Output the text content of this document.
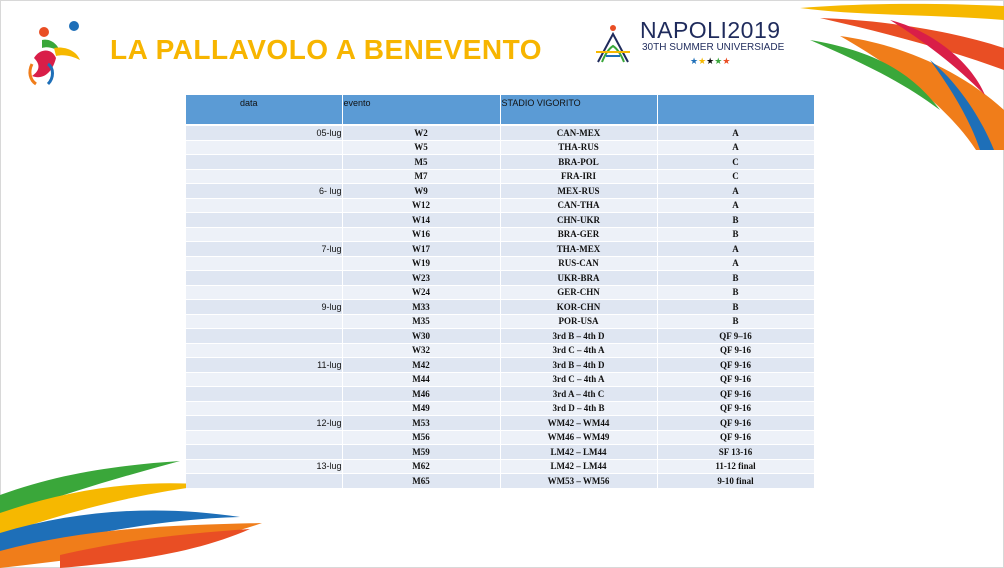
LA PALLAVOLO A BENEVENTO
NAPOLI2019
30TH SUMMER UNIVERSIADE
★★★★★
data	evento	STADIO VIGORITO	

05-lug	W2	CAN-MEX	A
	W5	THA-RUS	A
	M5	BRA-POL	C
	M7	FRA-IRI	C
6- lug	W9	MEX-RUS	A
	W12	CAN-THA	A
	W14	CHN-UKR	B
	W16	BRA-GER	B
7-lug	W17	THA-MEX	A
	W19	RUS-CAN	A
	W23	UKR-BRA	B
	W24	GER-CHN	B
9-lug	M33	KOR-CHN	B
	M35	POR-USA	B
	W30	3rd B – 4th D	QF 9–16
	W32	3rd C – 4th A	QF 9-16
11-lug	M42	3rd B – 4th D	QF 9-16
	M44	3rd C – 4th A	QF 9-16
	M46	3rd A – 4th C	QF 9-16
	M49	3rd D – 4th B	QF 9-16
12-lug	M53	WM42 – WM44	QF 9-16
	M56	WM46 – WM49	QF 9-16
	M59	LM42 – LM44	SF 13-16
13-lug	M62	LM42 – LM44	11-12 final
	M65	WM53 – WM56	9-10 final
